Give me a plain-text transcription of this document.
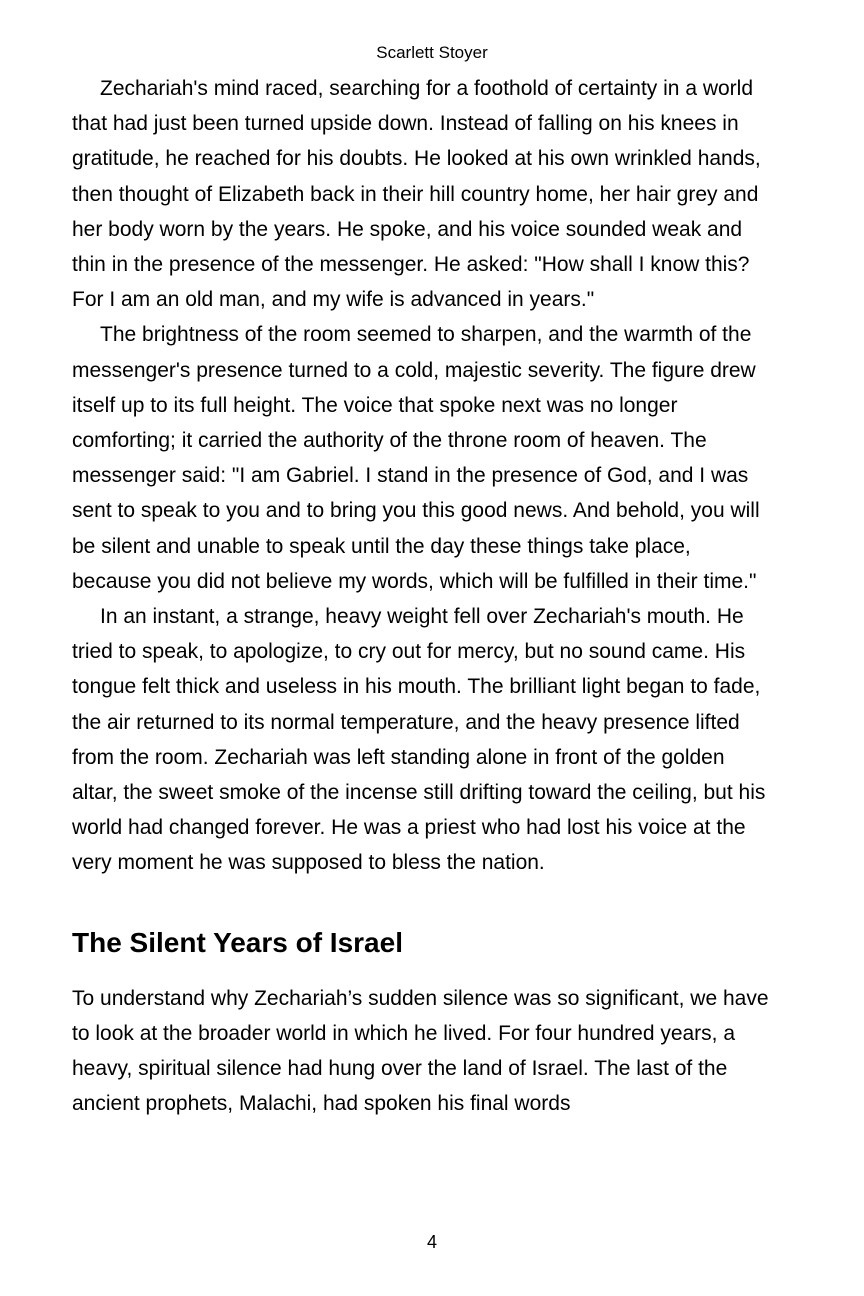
Scarlett Stoyer

Zechariah's mind raced, searching for a foothold of certainty in a world that had just been turned upside down. Instead of falling on his knees in gratitude, he reached for his doubts. He looked at his own wrinkled hands, then thought of Elizabeth back in their hill country home, her hair grey and her body worn by the years. He spoke, and his voice sounded weak and thin in the presence of the messenger. He asked: "How shall I know this? For I am an old man, and my wife is advanced in years."

The brightness of the room seemed to sharpen, and the warmth of the messenger's presence turned to a cold, majestic severity. The figure drew itself up to its full height. The voice that spoke next was no longer comforting; it carried the authority of the throne room of heaven. The messenger said: "I am Gabriel. I stand in the presence of God, and I was sent to speak to you and to bring you this good news. And behold, you will be silent and unable to speak until the day these things take place, because you did not believe my words, which will be fulfilled in their time."

In an instant, a strange, heavy weight fell over Zechariah's mouth. He tried to speak, to apologize, to cry out for mercy, but no sound came. His tongue felt thick and useless in his mouth. The brilliant light began to fade, the air returned to its normal temperature, and the heavy presence lifted from the room. Zechariah was left standing alone in front of the golden altar, the sweet smoke of the incense still drifting toward the ceiling, but his world had changed forever. He was a priest who had lost his voice at the very moment he was supposed to bless the nation.

The Silent Years of Israel

To understand why Zechariah’s sudden silence was so significant, we have to look at the broader world in which he lived. For four hundred years, a heavy, spiritual silence had hung over the land of Israel. The last of the ancient prophets, Malachi, had spoken his final words

4
